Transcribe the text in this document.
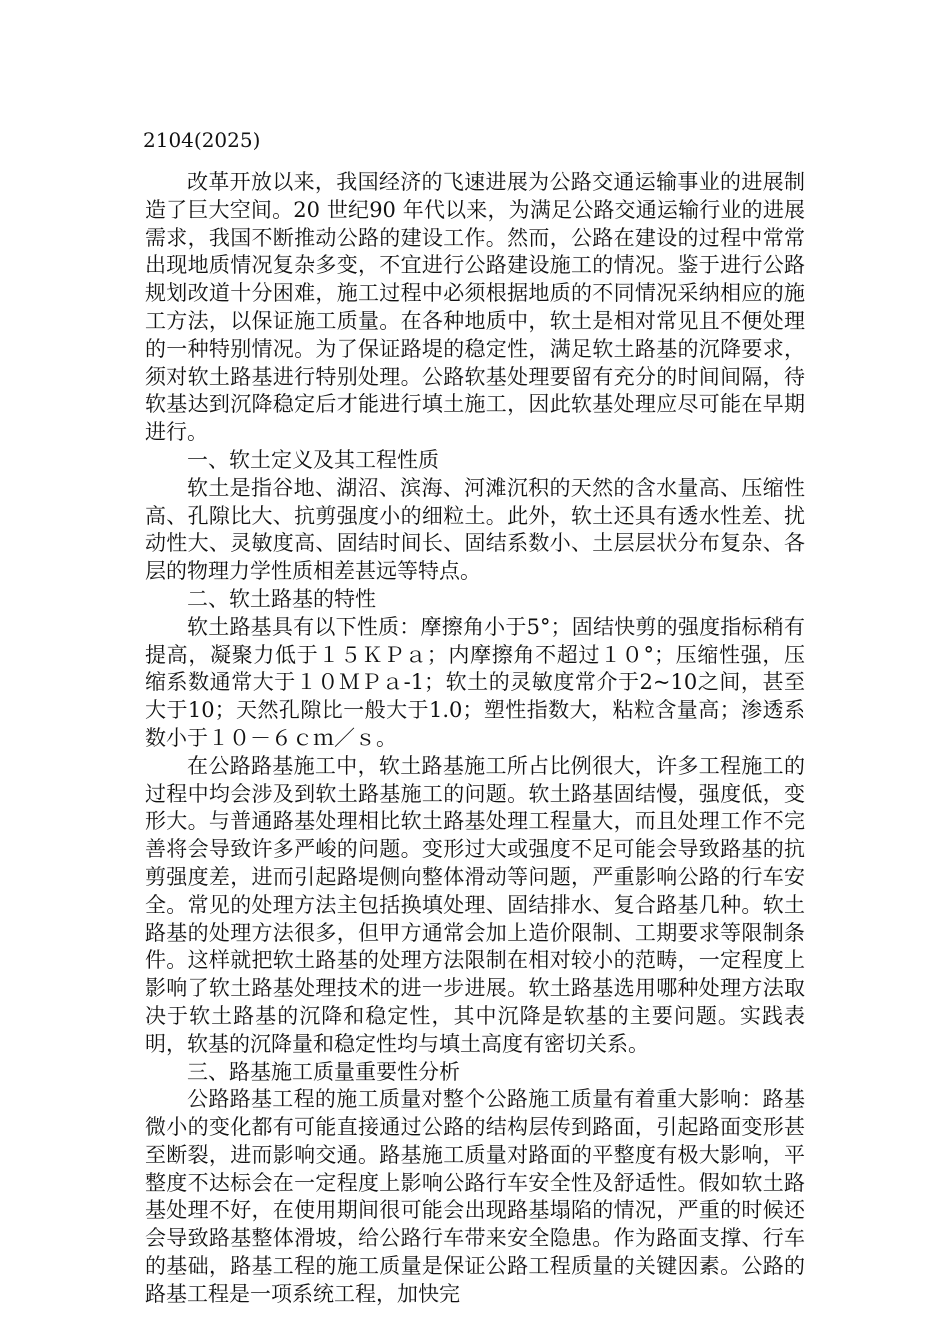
2104(2025)

改革开放以来，我国经济的飞速进展为公路交通运输事业的进展制造了巨大空间。20 世纪90 年代以来，为满足公路交通运输行业的进展需求，我国不断推动公路的建设工作。然而，公路在建设的过程中常常出现地质情况复杂多变，不宜进行公路建设施工的情况。鉴于进行公路规划改道十分困难，施工过程中必须根据地质的不同情况采纳相应的施工方法，以保证施工质量。在各种地质中，软土是相对常见且不便处理的一种特别情况。为了保证路堤的稳定性，满足软土路基的沉降要求，须对软土路基进行特别处理。公路软基处理要留有充分的时间间隔，待软基达到沉降稳定后才能进行填土施工，因此软基处理应尽可能在早期进行。

一、软土定义及其工程性质

软土是指谷地、湖沼、滨海、河滩沉积的天然的含水量高、压缩性高、孔隙比大、抗剪强度小的细粒土。此外，软土还具有透水性差、扰动性大、灵敏度高、固结时间长、固结系数小、土层层状分布复杂、各层的物理力学性质相差甚远等特点。

二、软土路基的特性

软土路基具有以下性质：摩擦角小于5°；固结快剪的强度指标稍有提高，凝聚力低于１５ＫＰａ；内摩擦角不超过１０°；压缩性强，压缩系数通常大于１０ＭＰａ-1；软土的灵敏度常介于2~10之间，甚至大于10；天然孔隙比一般大于1.0；塑性指数大，粘粒含量高；渗透系数小于１０－６ｃｍ／ｓ。

在公路路基施工中，软土路基施工所占比例很大，许多工程施工的过程中均会涉及到软土路基施工的问题。软土路基固结慢，强度低，变形大。与普通路基处理相比软土路基处理工程量大，而且处理工作不完善将会导致许多严峻的问题。变形过大或强度不足可能会导致路基的抗剪强度差，进而引起路堤侧向整体滑动等问题，严重影响公路的行车安全。常见的处理方法主包括换填处理、固结排水、复合路基几种。软土路基的处理方法很多，但甲方通常会加上造价限制、工期要求等限制条件。这样就把软土路基的处理方法限制在相对较小的范畴，一定程度上影响了软土路基处理技术的进一步进展。软土路基选用哪种处理方法取决于软土路基的沉降和稳定性，其中沉降是软基的主要问题。实践表明，软基的沉降量和稳定性均与填土高度有密切关系。

三、路基施工质量重要性分析

公路路基工程的施工质量对整个公路施工质量有着重大影响：路基微小的变化都有可能直接通过公路的结构层传到路面，引起路面变形甚至断裂，进而影响交通。路基施工质量对路面的平整度有极大影响，平整度不达标会在一定程度上影响公路行车安全性及舒适性。假如软土路基处理不好，在使用期间很可能会出现路基塌陷的情况，严重的时候还会导致路基整体滑坡，给公路行车带来安全隐患。作为路面支撑、行车的基础，路基工程的施工质量是保证公路工程质量的关键因素。公路的路基工程是一项系统工程，加快完
